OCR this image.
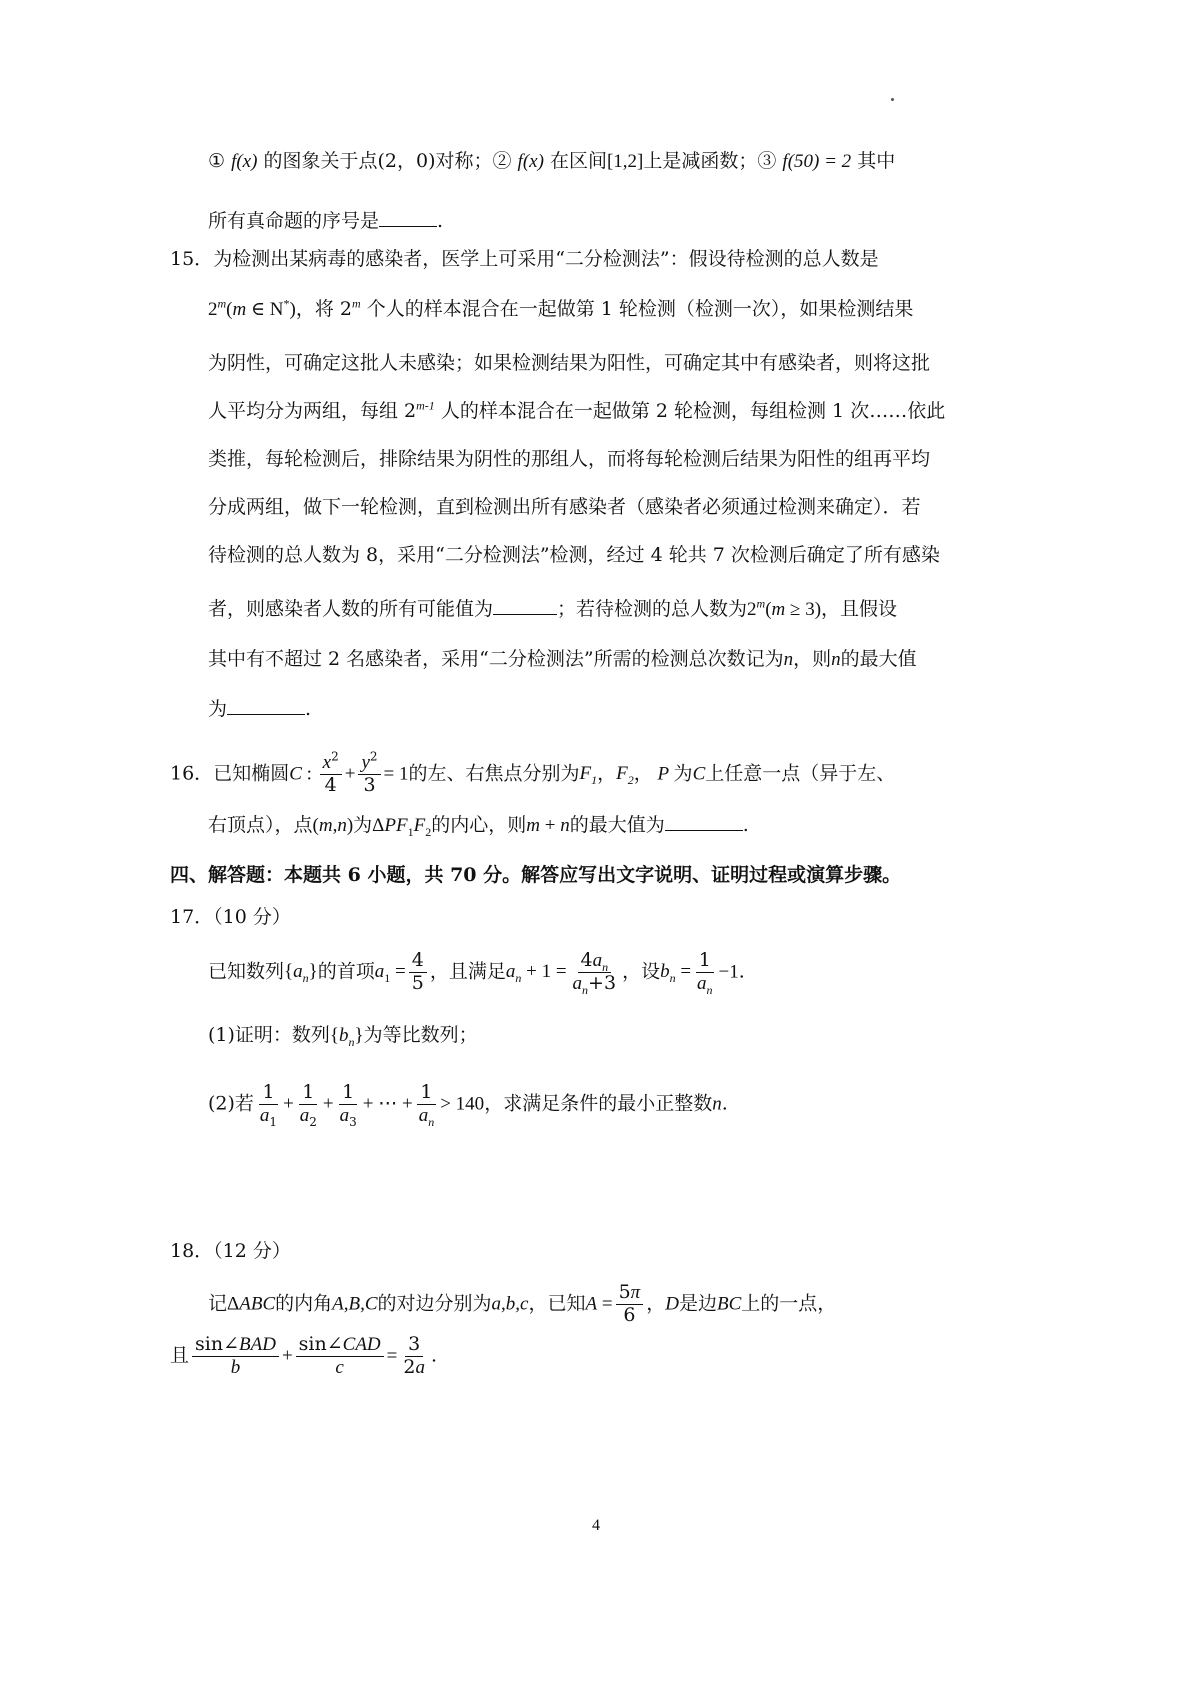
① f(x) 的图象关于点(2，0)对称；② f(x) 在区间[1,2]上是减函数；③ f(50) = 2 其中
所有真命题的序号是	.
15．为检测出某病毒的感染者，医学上可采用“二分检测法”：假设待检测的总人数是
2$^m$(m ∈ N*)，将 2$^m$ 个人的样本混合在一起做第 1 轮检测（检测一次），如果检测结果
为阴性，可确定这批人未感染；如果检测结果为阳性，可确定其中有感染者，则将这批
人平均分为两组，每组 2$^{m-1}$ 人的样本混合在一起做第 2 轮检测，每组检测 1 次……依此
类推，每轮检测后，排除结果为阴性的那组人，而将每轮检测后结果为阳性的组再平均
分成两组，做下一轮检测，直到检测出所有感染者（感染者必须通过检测来确定）．若
待检测的总人数为 8，采用“二分检测法”检测，经过 4 轮共 7 次检测后确定了所有感染
者，则感染者人数的所有可能值为	；若待检测的总人数为$2^m(m \ge 3)$，且假设
其中有不超过 2 名感染者，采用“二分检测法”所需的检测总次数记为n，则n的最大值
为	.
16．已知椭圆C : $\frac{x^2}{4} + \frac{y^2}{3} = 1$的左、右焦点分别为$F_1$，$F_2$， P 为C上任意一点（异于左、
右顶点），点(m,n)为$\Delta PF_1F_2$的内心，则m + n的最大值为	.
四、解答题：本题共 6 小题，共 70 分。解答应写出文字说明、证明过程或演算步骤。
17．（10 分）
已知数列$\{a_n\}$的首项$a_1 = \frac{4}{5}$ ，且满足$a_n + 1 = \frac{4a_n}{a_n+3}$ ，设$b_n = \frac{1}{a_n} -1$.
(1)证明：数列$\{b_n\}$为等比数列；
(2)若 $\frac{1}{a_1} + \frac{1}{a_2} + \frac{1}{a_3}$ + ⋯ + $\frac{1}{a_n} > 140$，求满足条件的最小正整数n.
18．（12 分）
记ΔABC的内角A,B,C的对边分别为a,b,c，已知$A = \frac{5\pi}{6}$ ，D是边BC上的一点，
且 $\frac{\text{sin∠BAD}}{b} + \frac{\text{sin∠CAD}}{c} = \frac{3}{2a}$ .
4
